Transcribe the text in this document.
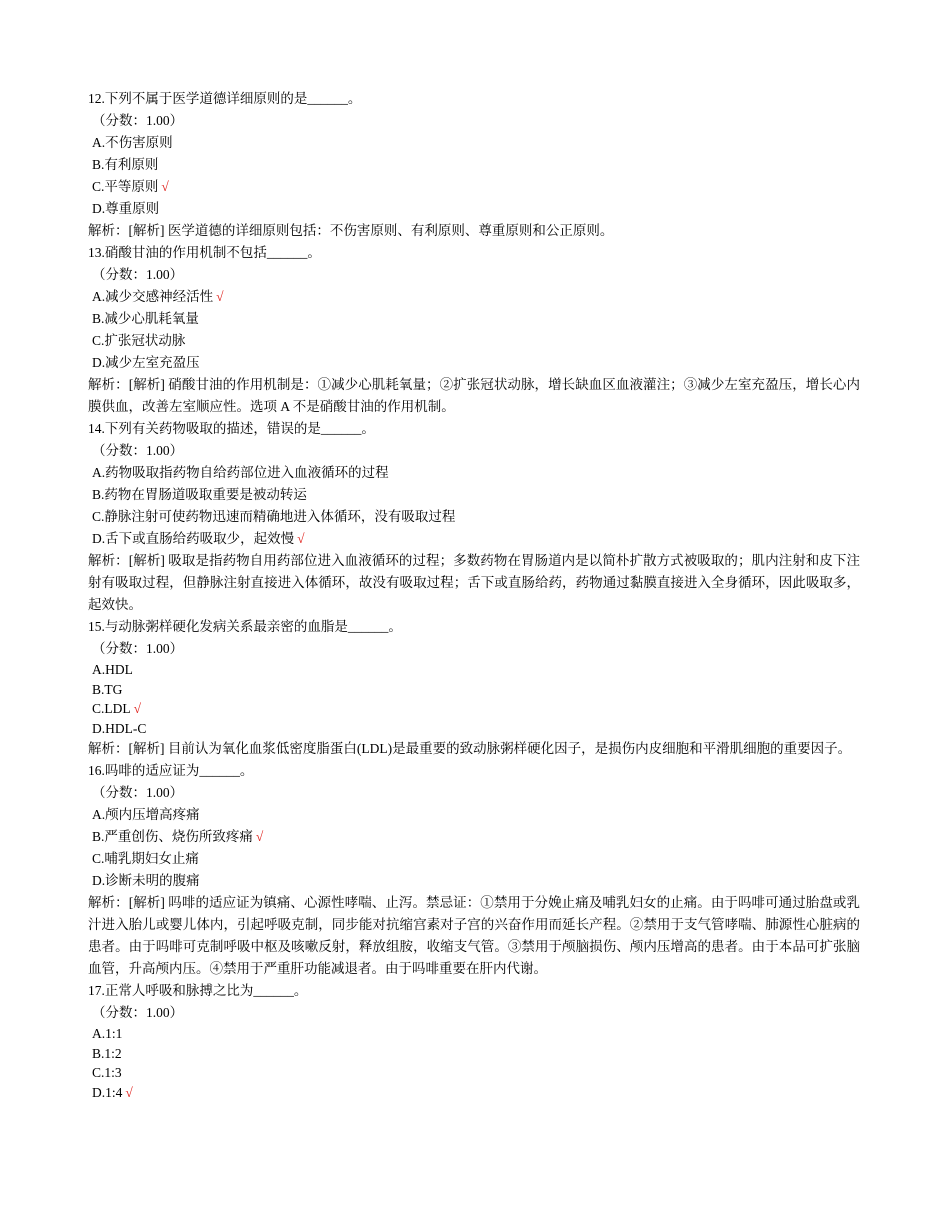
12.下列不属于医学道德详细原则的是______。
（分数：1.00）
A.不伤害原则
B.有利原则
C.平等原则 √
D.尊重原则
解析：[解析] 医学道德的详细原则包括：不伤害原则、有利原则、尊重原则和公正原则。
13.硝酸甘油的作用机制不包括______。
（分数：1.00）
A.减少交感神经活性 √
B.减少心肌耗氧量
C.扩张冠状动脉
D.减少左室充盈压
解析：[解析] 硝酸甘油的作用机制是：①减少心肌耗氧量；②扩张冠状动脉，增长缺血区血液灌注；③减少左室充盈压，增长心内膜供血，改善左室顺应性。选项 A 不是硝酸甘油的作用机制。
14.下列有关药物吸取的描述，错误的是______。
（分数：1.00）
A.药物吸取指药物自给药部位进入血液循环的过程
B.药物在胃肠道吸取重要是被动转运
C.静脉注射可使药物迅速而精确地进入体循环，没有吸取过程
D.舌下或直肠给药吸取少，起效慢 √
解析：[解析] 吸取是指药物自用药部位进入血液循环的过程；多数药物在胃肠道内是以简朴扩散方式被吸取的；肌内注射和皮下注射有吸取过程，但静脉注射直接进入体循环，故没有吸取过程；舌下或直肠给药，药物通过黏膜直接进入全身循环，因此吸取多，起效快。
15.与动脉粥样硬化发病关系最亲密的血脂是______。
（分数：1.00）
A.HDL
B.TG
C.LDL √
D.HDL-C
解析：[解析] 目前认为氧化血浆低密度脂蛋白(LDL)是最重要的致动脉粥样硬化因子，是损伤内皮细胞和平滑肌细胞的重要因子。
16.吗啡的适应证为______。
（分数：1.00）
A.颅内压增高疼痛
B.严重创伤、烧伤所致疼痛 √
C.哺乳期妇女止痛
D.诊断未明的腹痛
解析：[解析] 吗啡的适应证为镇痛、心源性哮喘、止泻。禁忌证：①禁用于分娩止痛及哺乳妇女的止痛。由于吗啡可通过胎盘或乳汁进入胎儿或婴儿体内，引起呼吸克制，同步能对抗缩宫素对子宫的兴奋作用而延长产程。②禁用于支气管哮喘、肺源性心脏病的患者。由于吗啡可克制呼吸中枢及咳嗽反射，释放组胺，收缩支气管。③禁用于颅脑损伤、颅内压增高的患者。由于本品可扩张脑血管，升高颅内压。④禁用于严重肝功能减退者。由于吗啡重要在肝内代谢。
17.正常人呼吸和脉搏之比为______。
（分数：1.00）
A.1:1
B.1:2
C.1:3
D.1:4 √
